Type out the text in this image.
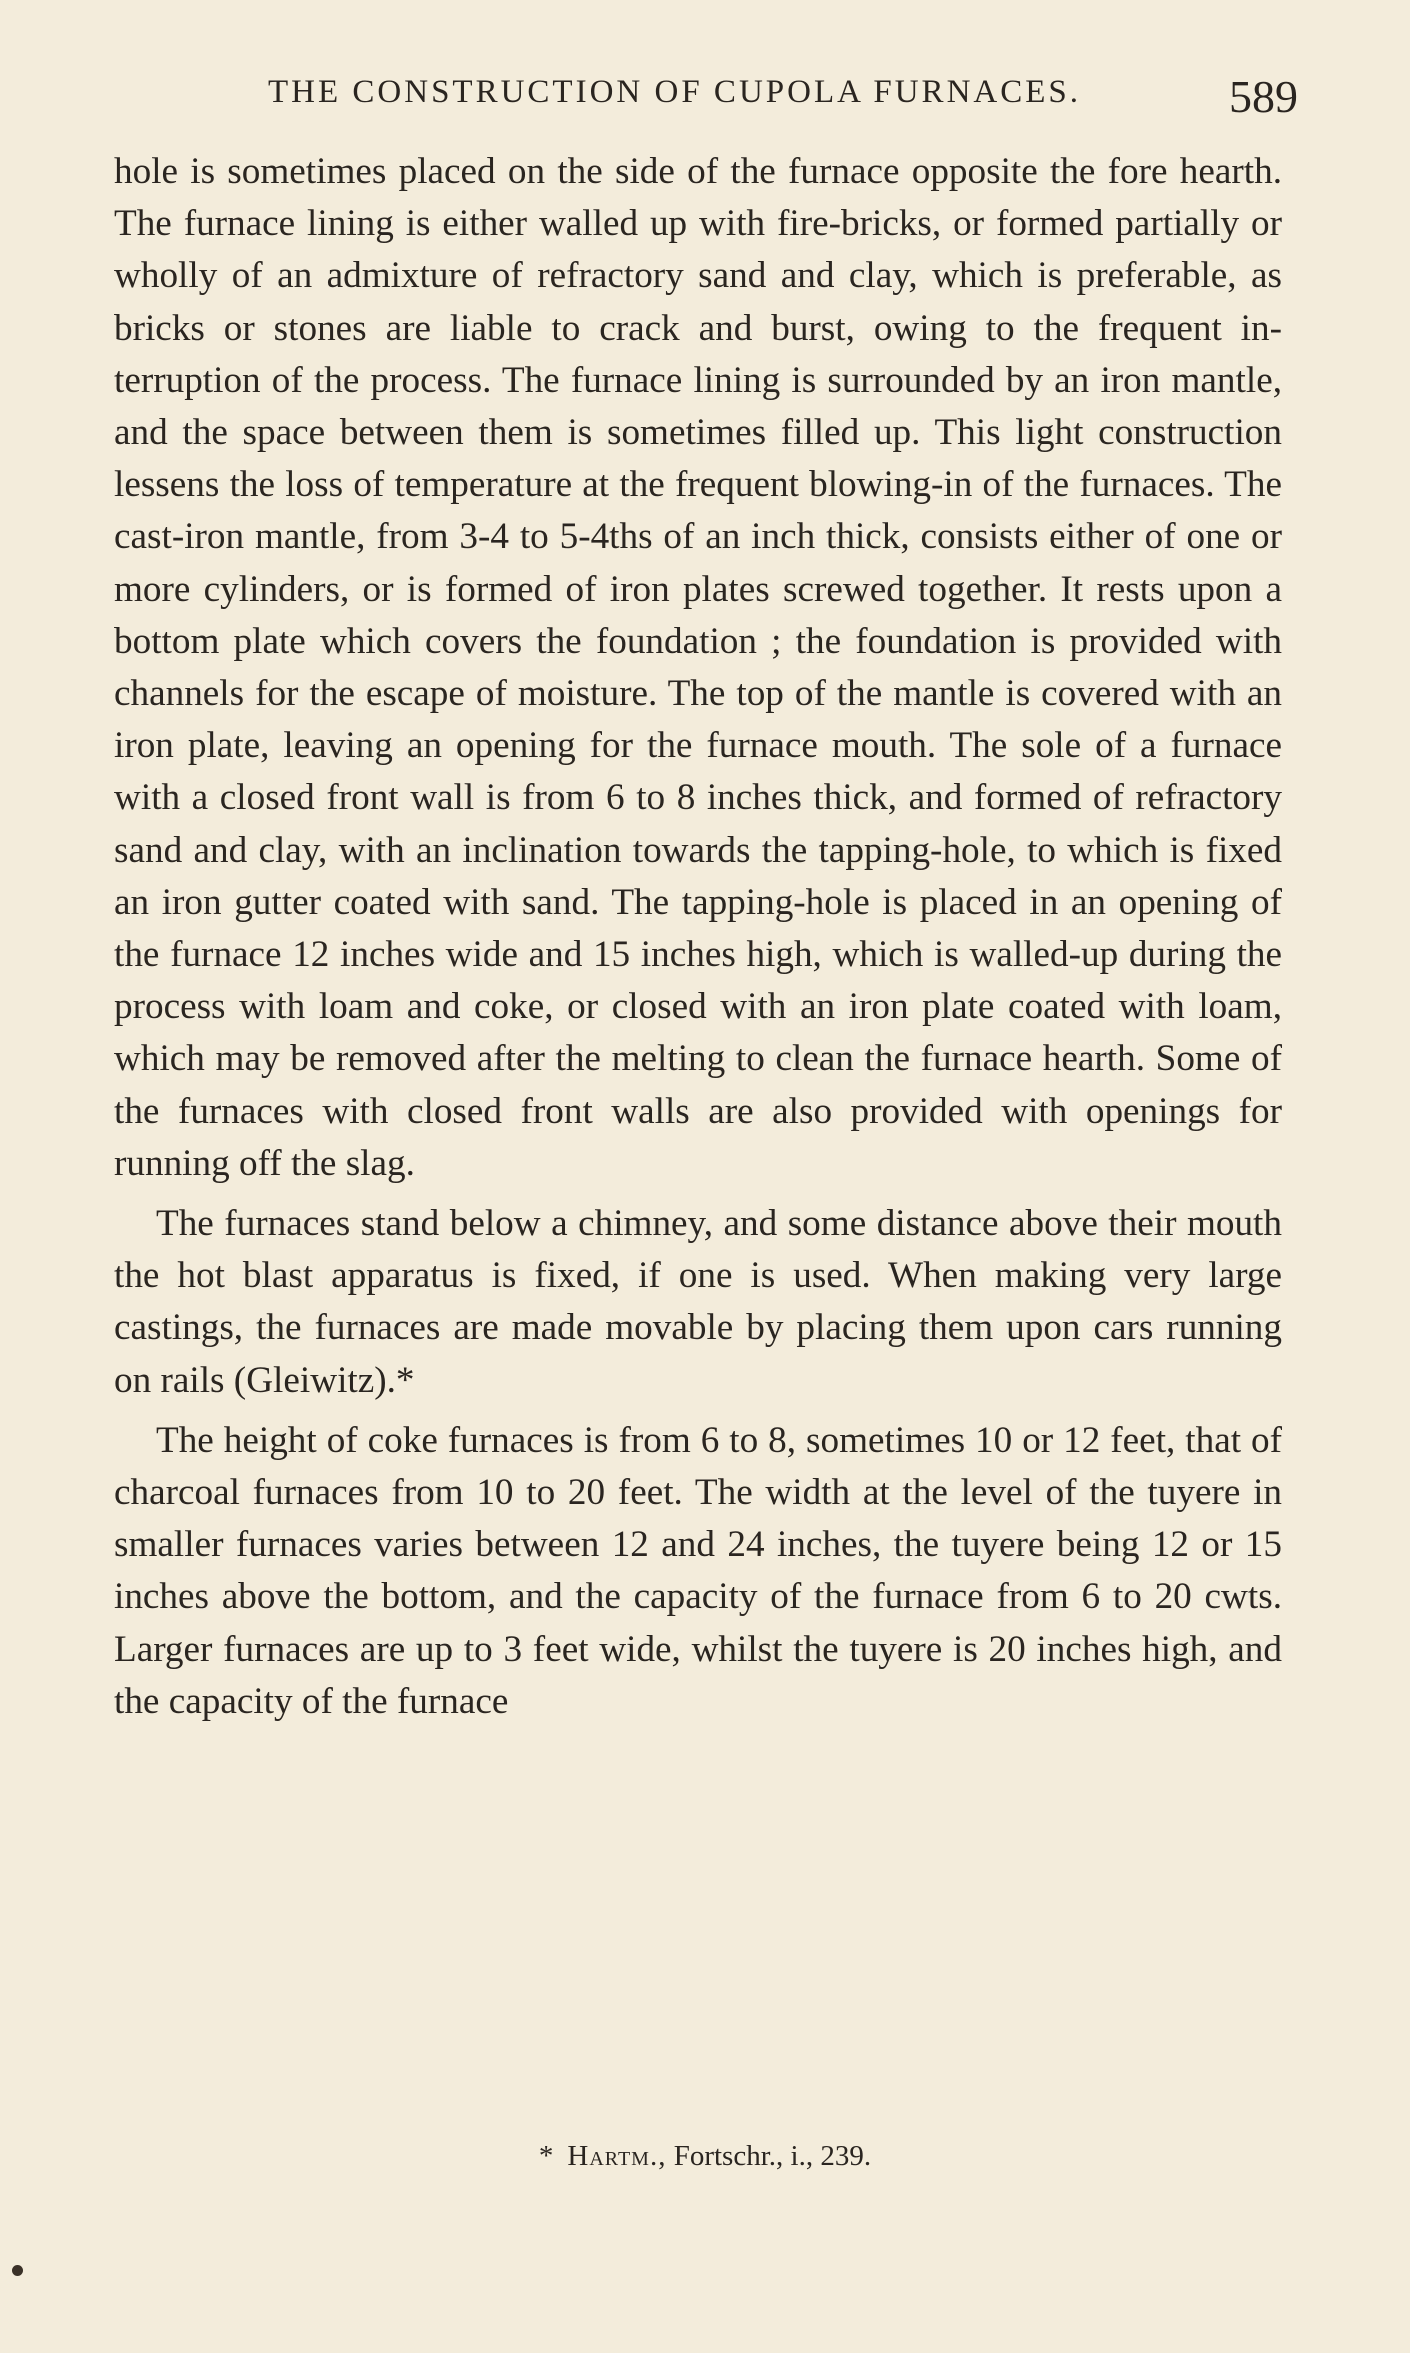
THE CONSTRUCTION OF CUPOLA FURNACES.	589

hole is sometimes placed on the side of the furnace opposite the fore hearth. The furnace lining is either walled up with fire-bricks, or formed partially or wholly of an admixture of refractory sand and clay, which is preferable, as bricks or stones are liable to crack and burst, owing to the frequent interruption of the process. The furnace lining is surrounded by an iron mantle, and the space between them is sometimes filled up. This light construction lessens the loss of temperature at the frequent blowing-in of the furnaces. The cast-iron mantle, from 3-4 to 5-4ths of an inch thick, consists either of one or more cylinders, or is formed of iron plates screwed together. It rests upon a bottom plate which covers the foundation ; the foundation is provided with channels for the escape of moisture. The top of the mantle is covered with an iron plate, leaving an opening for the furnace mouth. The sole of a furnace with a closed front wall is from 6 to 8 inches thick, and formed of refractory sand and clay, with an inclination towards the tapping-hole, to which is fixed an iron gutter coated with sand. The tapping-hole is placed in an opening of the furnace 12 inches wide and 15 inches high, which is walled-up during the process with loam and coke, or closed with an iron plate coated with loam, which may be removed after the melting to clean the furnace hearth. Some of the furnaces with closed front walls are also provided with openings for running off the slag.

The furnaces stand below a chimney, and some distance above their mouth the hot blast apparatus is fixed, if one is used. When making very large castings, the furnaces are made movable by placing them upon cars running on rails (Gleiwitz).*

The height of coke furnaces is from 6 to 8, sometimes 10 or 12 feet, that of charcoal furnaces from 10 to 20 feet. The width at the level of the tuyere in smaller furnaces varies between 12 and 24 inches, the tuyere being 12 or 15 inches above the bottom, and the capacity of the furnace from 6 to 20 cwts. Larger furnaces are up to 3 feet wide, whilst the tuyere is 20 inches high, and the capacity of the furnace

* Hartm., Fortschr., i., 239.
